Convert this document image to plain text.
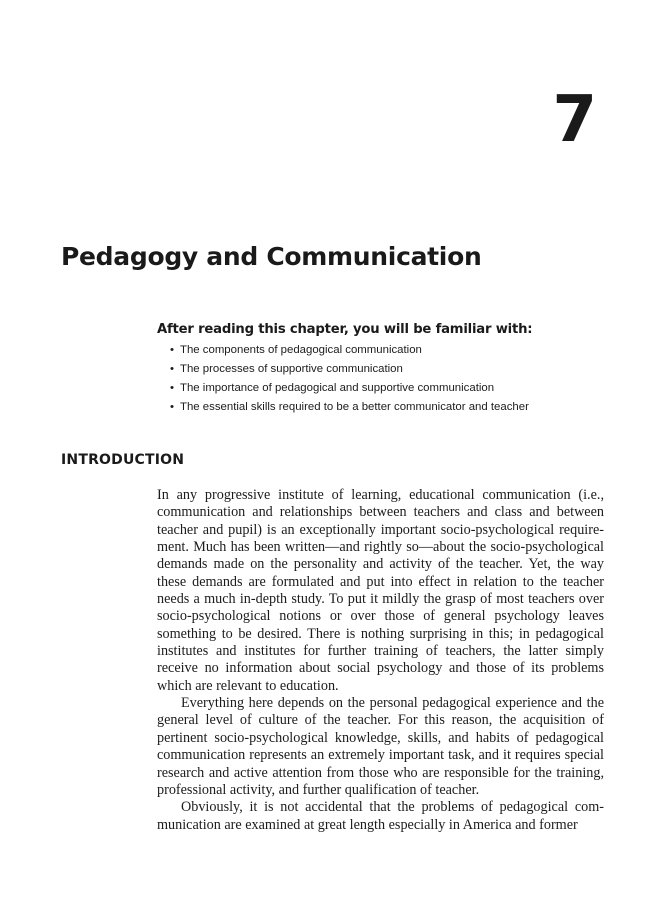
7
Pedagogy and Communication
After reading this chapter, you will be familiar with:
• The components of pedagogical communication
• The processes of supportive communication
• The importance of pedagogical and supportive communication
• The essential skills required to be a better communicator and teacher
INTRODUCTION

In any progressive institute of learning, educational communication (i.e., communication and relationships between teachers and class and between teacher and pupil) is an exceptionally important socio-psychological requirement. Much has been written—and rightly so—about the socio-psychological demands made on the personality and activity of the teacher. Yet, the way these demands are formulated and put into effect in relation to the teacher needs a much in-depth study. To put it mildly the grasp of most teachers over socio-psychological notions or over those of general psychology leaves something to be desired. There is nothing surprising in this; in pedagogical institutes and institutes for further training of teachers, the latter simply receive no information about social psychology and those of its problems which are relevant to education.

Everything here depends on the personal pedagogical experience and the general level of culture of the teacher. For this reason, the acquisition of pertinent socio-psychological knowledge, skills, and habits of pedagogical communication represents an extremely important task, and it requires special research and active attention from those who are responsible for the training, professional activity, and further qualification of teacher.

Obviously, it is not accidental that the problems of pedagogical communication are examined at great length especially in America and former
